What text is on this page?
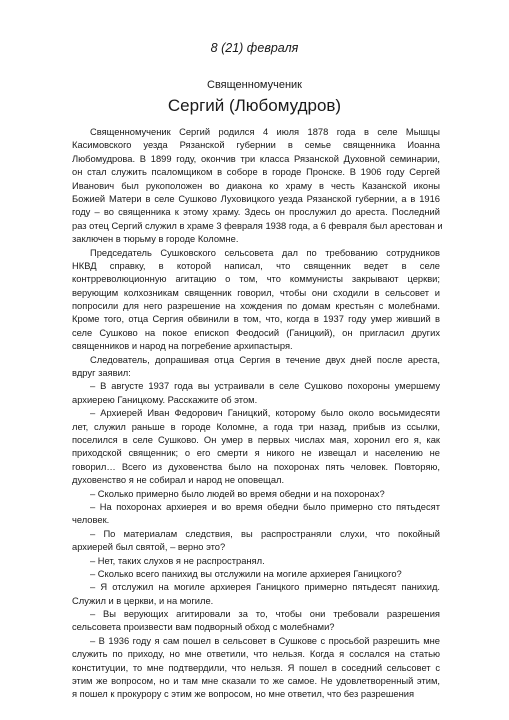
8 (21) февраля
Священномученик
Сергий (Любомудров)
Священномученик Сергий родился 4 июля 1878 года в селе Мышцы
Касимовского уезда Рязанской губернии в семье священника Иоанна
Любомудрова. В 1899 году, окончив три класса Рязанской Духовной семинарии,
он стал служить псаломщиком в соборе в городе Пронске. В 1906 году Сергей
Иванович был рукоположен во диакона ко храму в честь Казанской иконы
Божией Матери в селе Сушково Луховицкого уезда Рязанской губернии, а в 1916
году – во священника к этому храму. Здесь он прослужил до ареста. Последний
раз отец Сергий служил в храме 3 февраля 1938 года, а 6 февраля был арестован и
заключен в тюрьму в городе Коломне.
Председатель Сушковского сельсовета дал по требованию сотрудников
НКВД справку, в которой написал, что священник ведет в селе
контрреволюционную агитацию о том, что коммунисты закрывают церкви;
верующим колхозникам священник говорил, чтобы они сходили в сельсовет и
попросили для него разрешение на хождения по домам крестьян с молебнами.
Кроме того, отца Сергия обвинили в том, что, когда в 1937 году умер живший в
селе Сушково на покое епископ Феодосий (Ганицкий), он пригласил других
священников и народ на погребение архипастыря.
Следователь, допрашивая отца Сергия в течение двух дней после ареста,
вдруг заявил:
– В августе 1937 года вы устраивали в селе Сушково похороны умершему
архиерею Ганицкому. Расскажите об этом.
– Архиерей Иван Федорович Ганицкий, которому было около восьмидесяти
лет, служил раньше в городе Коломне, а года три назад, прибыв из ссылки,
поселился в селе Сушково. Он умер в первых числах мая, хоронил его я, как
приходской священник; о его смерти я никого не извещал и населению не
говорил… Всего из духовенства было на похоронах пять человек. Повторяю,
духовенство я не собирал и народ не оповещал.
– Сколько примерно было людей во время обедни и на похоронах?
– На похоронах архиерея и во время обедни было примерно сто пятьдесят
человек.
– По материалам следствия, вы распространяли слухи, что покойный
архиерей был святой, – верно это?
– Нет, таких слухов я не распространял.
– Сколько всего панихид вы отслужили на могиле архиерея Ганицкого?
– Я отслужил на могиле архиерея Ганицкого примерно пятьдесят панихид.
Служил и в церкви, и на могиле.
– Вы верующих агитировали за то, чтобы они требовали разрешения
сельсовета произвести вам подворный обход с молебнами?
– В 1936 году я сам пошел в сельсовет в Сушкове с просьбой разрешить мне
служить по приходу, но мне ответили, что нельзя. Когда я сослался на статью
конституции, то мне подтвердили, что нельзя. Я пошел в соседний сельсовет с
этим же вопросом, но и там мне сказали то же самое. Не удовлетворенный этим,
я пошел к прокурору с этим же вопросом, но мне ответил, что без разрешения
